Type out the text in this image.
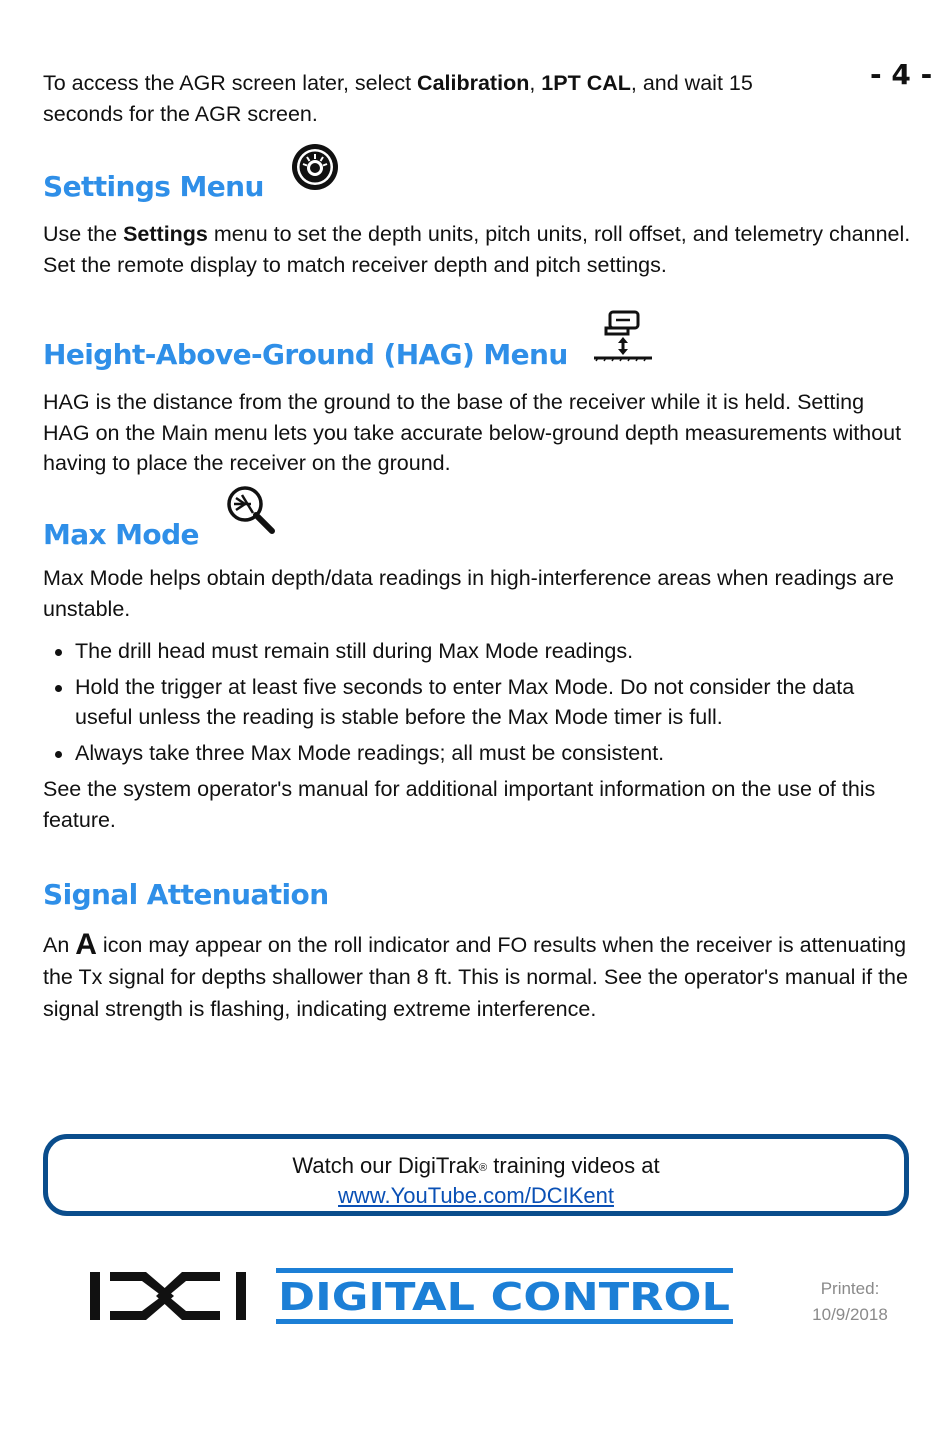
- 4 -

To access the AGR screen later, select Calibration, 1PT CAL, and wait 15 seconds for the AGR screen.

Settings Menu

Use the Settings menu to set the depth units, pitch units, roll offset, and telemetry channel. Set the remote display to match receiver depth and pitch settings.

Height-Above-Ground (HAG) Menu

HAG is the distance from the ground to the base of the receiver while it is held. Setting HAG on the Main menu lets you take accurate below-ground depth measurements without having to place the receiver on the ground.

Max Mode

Max Mode helps obtain depth/data readings in high-interference areas when readings are unstable.

The drill head must remain still during Max Mode readings.
Hold the trigger at least five seconds to enter Max Mode. Do not consider the data useful unless the reading is stable before the Max Mode timer is full.
Always take three Max Mode readings; all must be consistent.

See the system operator's manual for additional important information on the use of this feature.

Signal Attenuation

An A icon may appear on the roll indicator and FO results when the receiver is attenuating the Tx signal for depths shallower than 8 ft. This is normal. See the operator's manual if the signal strength is flashing, indicating extreme interference.

Watch our DigiTrak® training videos at
www.YouTube.com/DCIKent
DIGITAL CONTROL	Printed:
10/9/2018
